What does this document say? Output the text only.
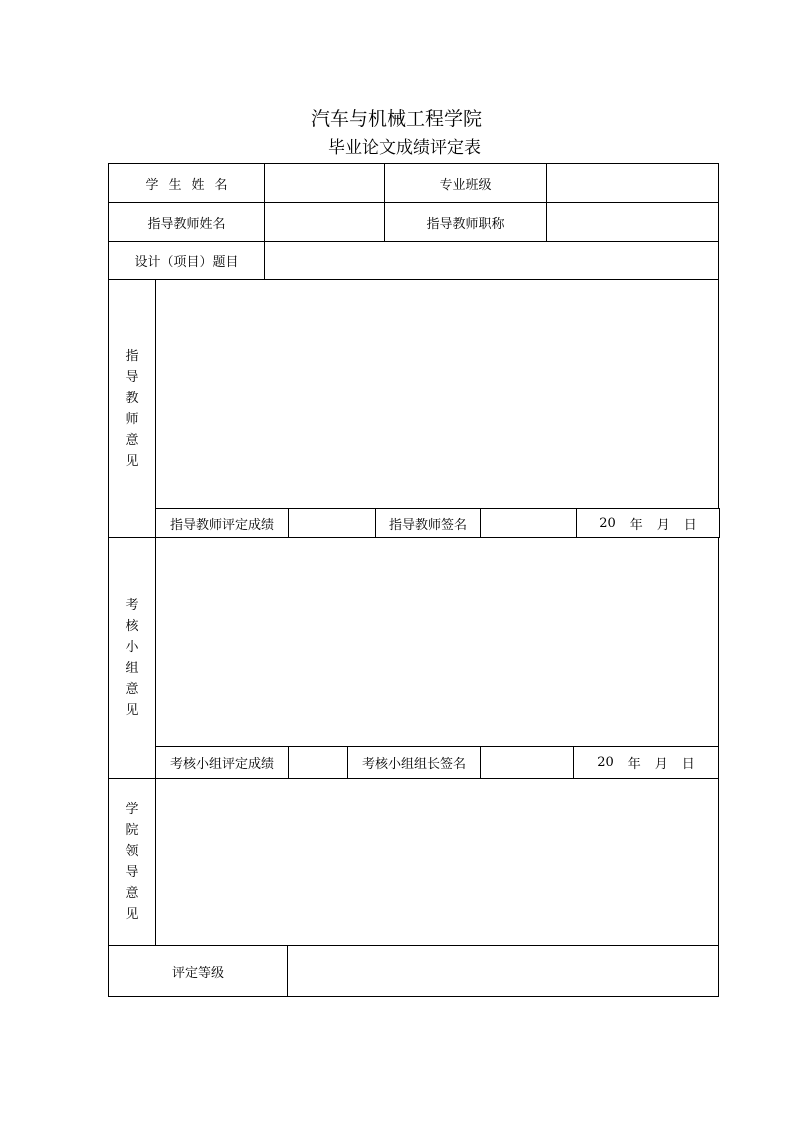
汽车与机械工程学院
毕业论文成绩评定表
学 生 姓 名	专业班级
指导教师姓名	指导教师职称
设计（项目）题目
指
导
教
师
意
见
指导教师评定成绩	指导教师签名	20 年 月 日
考
核
小
组
意
见
考核小组评定成绩	考核小组组长签名	20 年 月 日
学
院
领
导
意
见
评定等级
